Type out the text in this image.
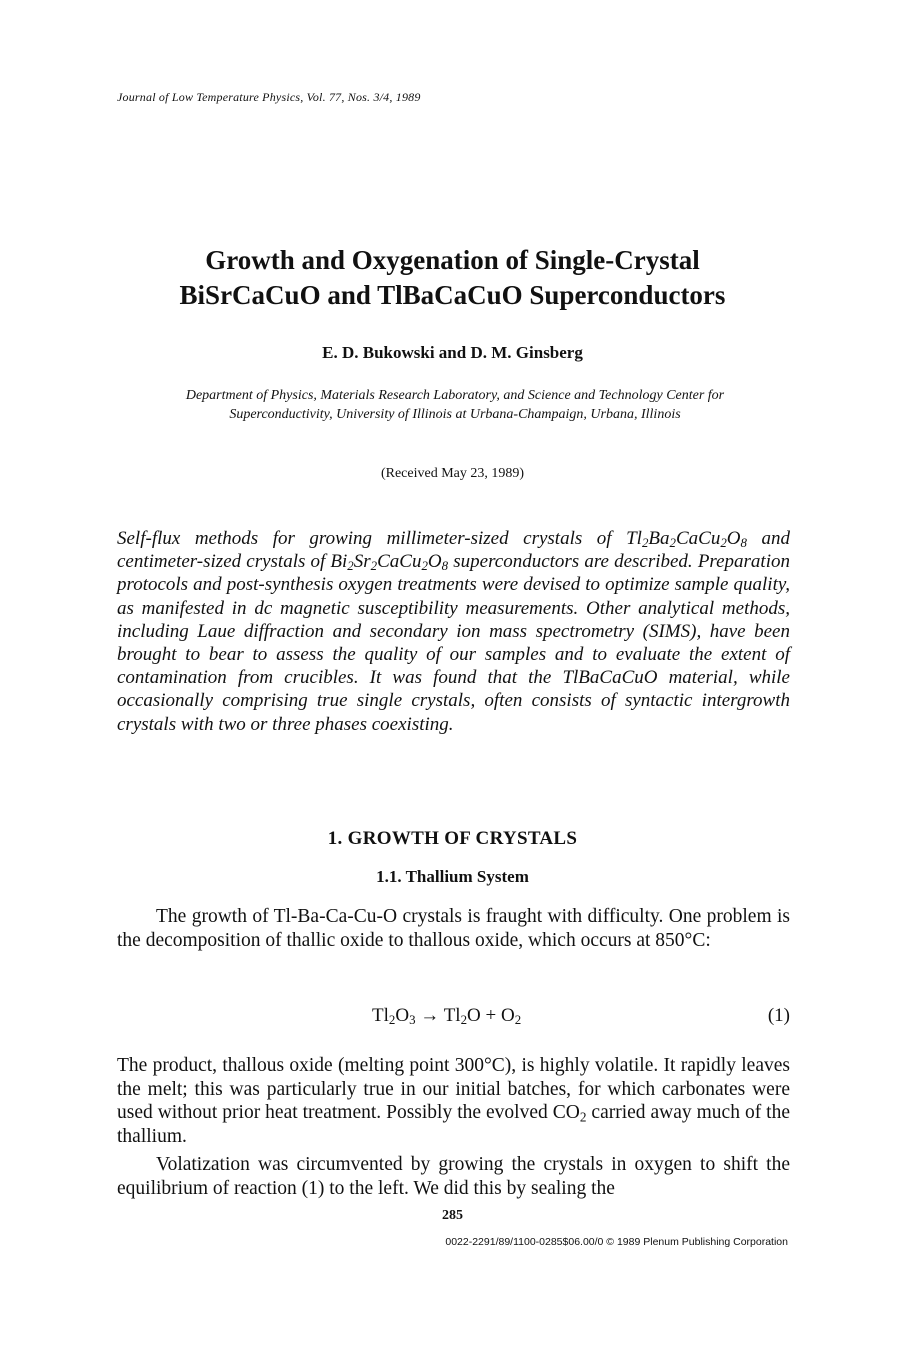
Journal of Low Temperature Physics, Vol. 77, Nos. 3/4, 1989
Growth and Oxygenation of Single-Crystal
BiSrCaCuO and TlBaCaCuO Superconductors
E. D. Bukowski and D. M. Ginsberg
Department of Physics, Materials Research Laboratory, and Science and Technology Center for
Superconductivity, University of Illinois at Urbana-Champaign, Urbana, Illinois
(Received May 23, 1989)

Self-flux methods for growing millimeter-sized crystals of $Tl_2Ba_2CaCu_2O_8$ and centimeter-sized crystals of $Bi_2Sr_2CaCu_2O_8$ superconductors are described. Preparation protocols and post-synthesis oxygen treatments were devised to optimize sample quality, as manifested in dc magnetic susceptibility measurements. Other analytical methods, including Laue diffraction and secondary ion mass spectrometry (SIMS), have been brought to bear to assess the quality of our samples and to evaluate the extent of contamination from crucibles. It was found that the TlBaCaCuO material, while occasionally comprising true single crystals, often consists of syntactic intergrowth crystals with two or three phases coexisting.

1. GROWTH OF CRYSTALS
1.1. Thallium System

The growth of Tl-Ba-Ca-Cu-O crystals is fraught with difficulty. One problem is the decomposition of thallic oxide to thallous oxide, which occurs at 850°C:

$Tl_2O_3 \to Tl_2O + O_2$	(1)

The product, thallous oxide (melting point 300°C), is highly volatile. It rapidly leaves the melt; this was particularly true in our initial batches, for which carbonates were used without prior heat treatment. Possibly the evolved $CO_2$ carried away much of the thallium.

Volatization was circumvented by growing the crystals in oxygen to shift the equilibrium of reaction (1) to the left. We did this by sealing the

285
0022-2291/89/1100-0285$06.00/0 © 1989 Plenum Publishing Corporation
